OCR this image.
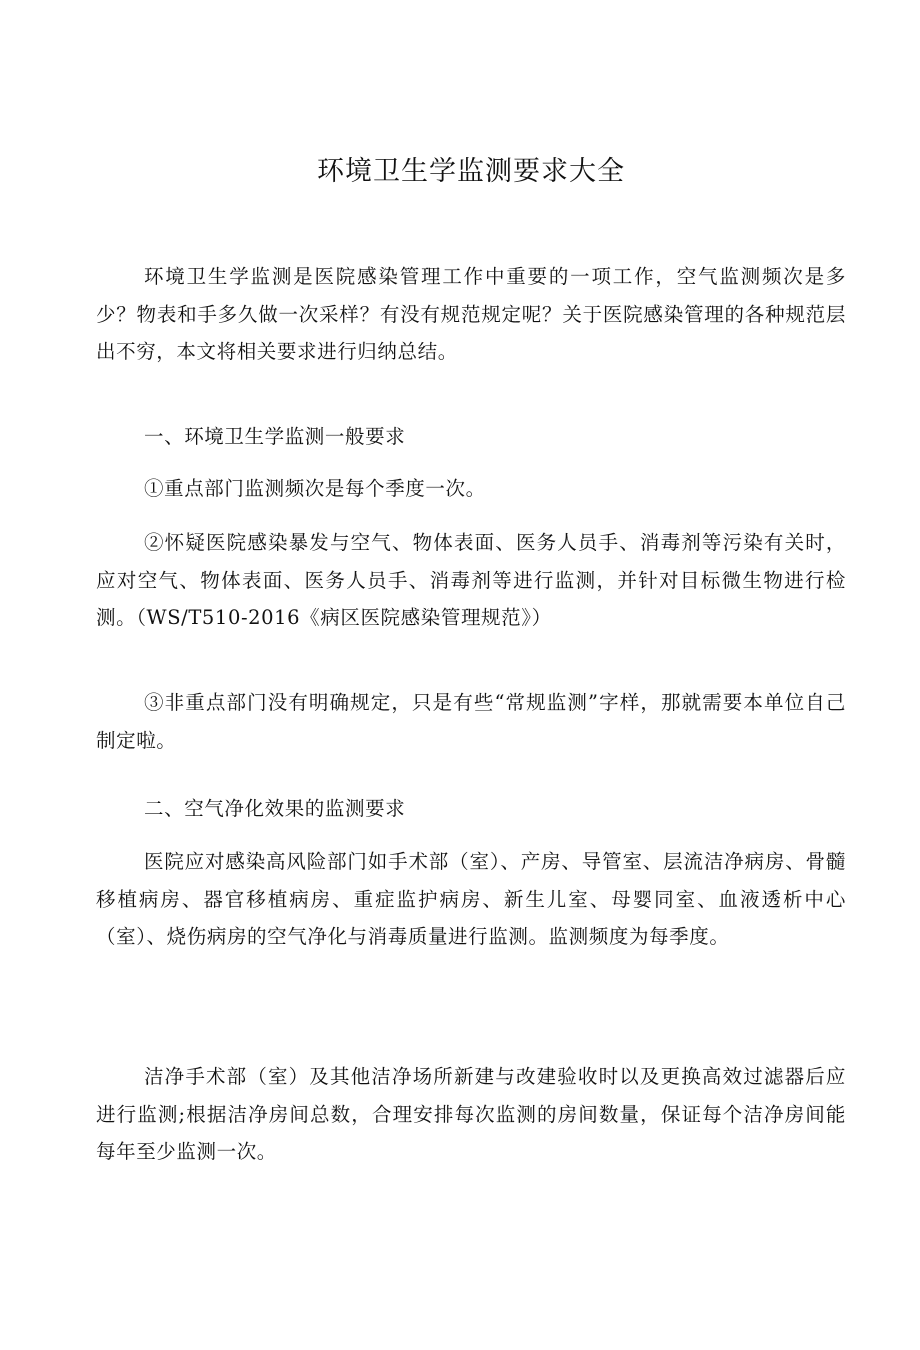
环境卫生学监测要求大全

环境卫生学监测是医院感染管理工作中重要的一项工作，空气监测频次是多少？物表和手多久做一次采样？有没有规范规定呢？关于医院感染管理的各种规范层出不穷，本文将相关要求进行归纳总结。

一、环境卫生学监测一般要求

①重点部门监测频次是每个季度一次。

②怀疑医院感染暴发与空气、物体表面、医务人员手、消毒剂等污染有关时，应对空气、物体表面、医务人员手、消毒剂等进行监测，并针对目标微生物进行检测。（WS/T510-2016《病区医院感染管理规范》）

③非重点部门没有明确规定，只是有些“常规监测”字样，那就需要本单位自己制定啦。

二、空气净化效果的监测要求

医院应对感染高风险部门如手术部（室）、产房、导管室、层流洁净病房、骨髓移植病房、器官移植病房、重症监护病房、新生儿室、母婴同室、血液透析中心（室）、烧伤病房的空气净化与消毒质量进行监测。监测频度为每季度。

洁净手术部（室）及其他洁净场所新建与改建验收时以及更换高效过滤器后应进行监测;根据洁净房间总数，合理安排每次监测的房间数量，保证每个洁净房间能每年至少监测一次。
